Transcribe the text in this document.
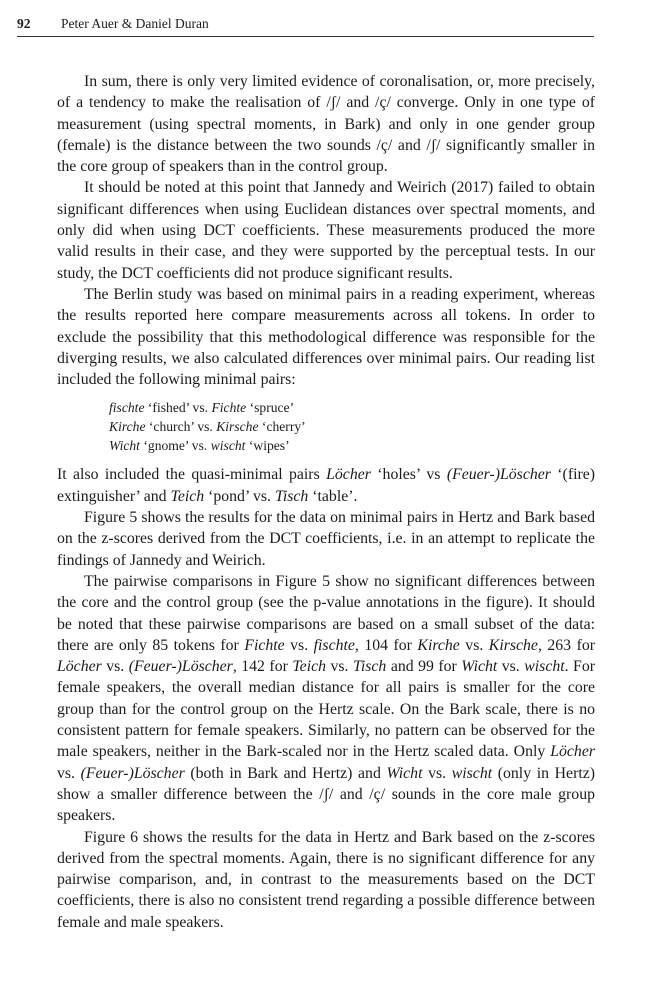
92 Peter Auer & Daniel Duran

In sum, there is only very limited evidence of coronalisation, or, more precisely, of a tendency to make the realisation of /ʃ/ and /ç/ converge. Only in one type of measurement (using spectral moments, in Bark) and only in one gender group (female) is the distance between the two sounds /ç/ and /ʃ/ significantly smaller in the core group of speakers than in the control group.

It should be noted at this point that Jannedy and Weirich (2017) failed to obtain significant differences when using Euclidean distances over spectral moments, and only did when using DCT coefficients. These measurements produced the more valid results in their case, and they were supported by the perceptual tests. In our study, the DCT coefficients did not produce significant results.

The Berlin study was based on minimal pairs in a reading experiment, whereas the results reported here compare measurements across all tokens. In order to exclude the possibility that this methodological difference was responsible for the diverging results, we also calculated differences over minimal pairs. Our reading list included the following minimal pairs:

fischte ‘fished’ vs. Fichte ‘spruce’
Kirche ‘church’ vs. Kirsche ‘cherry’
Wicht ‘gnome’ vs. wischt ‘wipes’

It also included the quasi-minimal pairs Löcher ‘holes’ vs (Feuer-)Löscher ‘(fire) extinguisher’ and Teich ‘pond’ vs. Tisch ‘table’.

Figure 5 shows the results for the data on minimal pairs in Hertz and Bark based on the z-scores derived from the DCT coefficients, i.e. in an attempt to replicate the findings of Jannedy and Weirich.

The pairwise comparisons in Figure 5 show no significant differences between the core and the control group (see the p-value annotations in the figure). It should be noted that these pairwise comparisons are based on a small subset of the data: there are only 85 tokens for Fichte vs. fischte, 104 for Kirche vs. Kirsche, 263 for Löcher vs. (Feuer-)Löscher, 142 for Teich vs. Tisch and 99 for Wicht vs. wischt. For female speakers, the overall median distance for all pairs is smaller for the core group than for the control group on the Hertz scale. On the Bark scale, there is no consistent pattern for female speakers. Similarly, no pattern can be observed for the male speakers, neither in the Bark-scaled nor in the Hertz scaled data. Only Löcher vs. (Feuer-)Löscher (both in Bark and Hertz) and Wicht vs. wischt (only in Hertz) show a smaller difference between the /ʃ/ and /ç/ sounds in the core male group speakers.

Figure 6 shows the results for the data in Hertz and Bark based on the z-scores derived from the spectral moments. Again, there is no significant difference for any pairwise comparison, and, in contrast to the measurements based on the DCT coefficients, there is also no consistent trend regarding a possible difference between female and male speakers.
